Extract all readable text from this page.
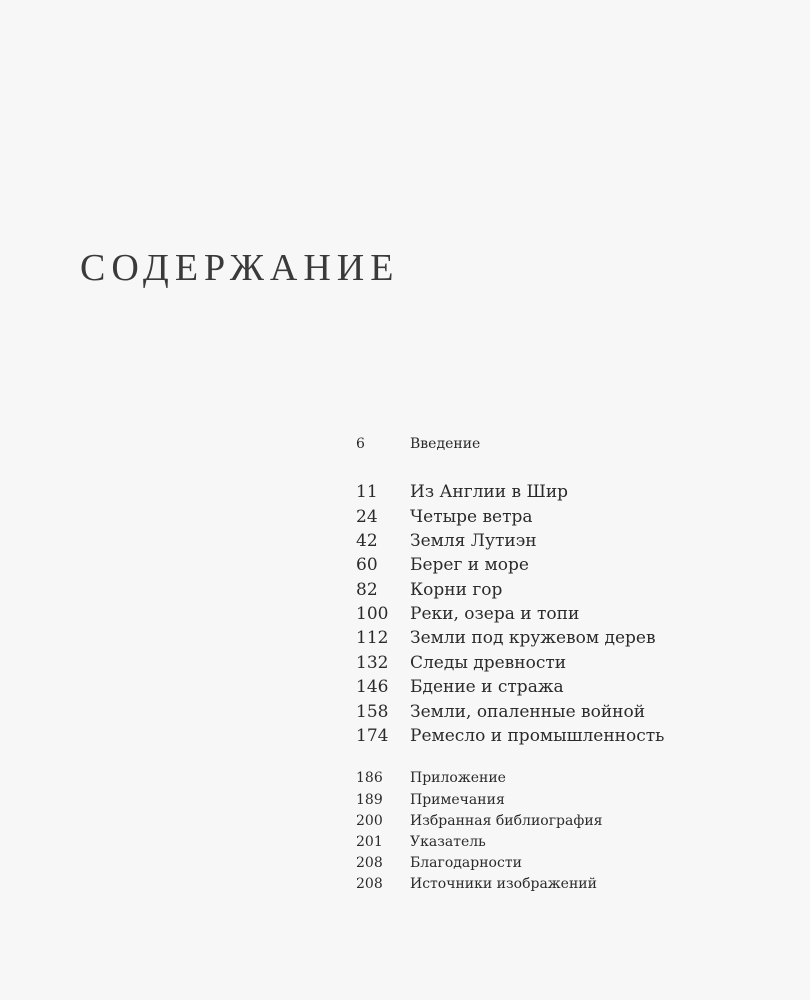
СОДЕРЖАНИЕ
6	Введение
11 Из Англии в Шир
24 Четыре ветра
42 Земля Лутиэн
60 Берег и море
82 Корни гор
100 Реки, озера и топи
112 Земли под кружевом дерев
132 Следы древности
146 Бдение и стража
158 Земли, опаленные войной
174 Ремесло и промышленность
186 Приложение
189 Примечания
200 Избранная библиография
201 Указатель
208 Благодарности
208 Источники изображений
